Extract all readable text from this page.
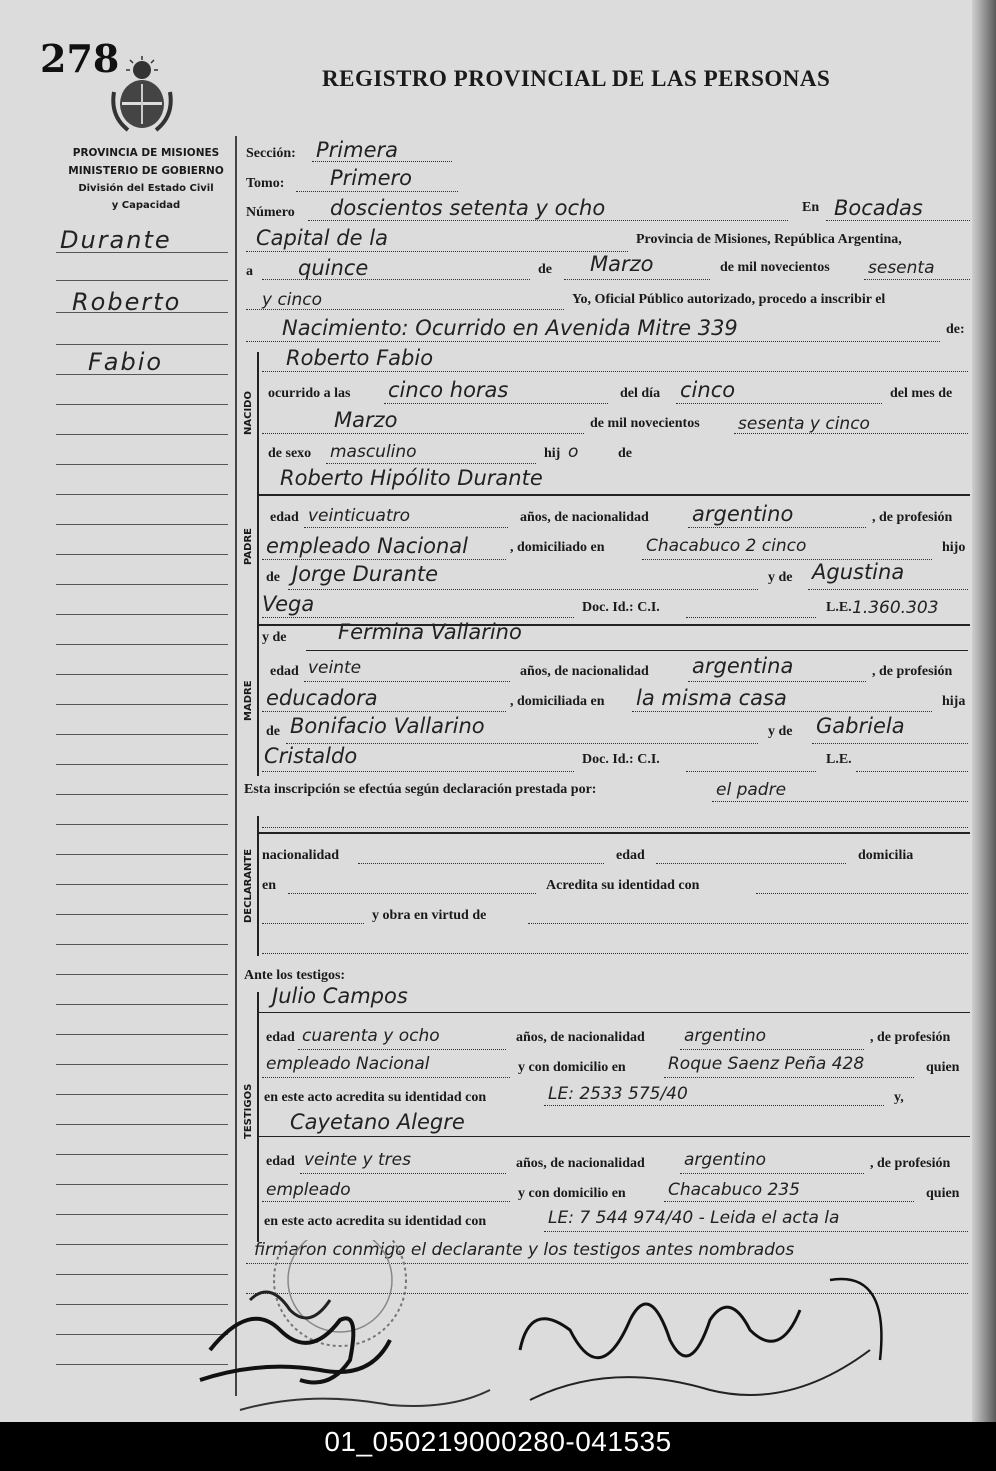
278	REGISTRO PROVINCIAL DE LAS PERSONAS
PROVINCIA DE MISIONES
MINISTERIO DE GOBIERNO
División del Estado Civil
y Capacidad
Durante
Roberto
Fabio
Sección: Primera
Tomo: Primero
Número doscientos setenta y ocho	En Bocadas
Capital de la	Provincia de Misiones, República Argentina,
a quince	de Marzo	de mil novecientos sesenta
y cinco	Yo, Oficial Público autorizado, procedo a inscribir el
Nacimiento: Ocurrido en Avenida Mitre 339	de:
NACIDO
Roberto Fabio
ocurrido a las cinco horas	del día cinco	del mes de
Marzo	de mil novecientos sesenta y cinco
de sexo masculino	hij o	de
PADRE
Roberto Hipólito Durante
edad veinticuatro	años, de nacionalidad argentino	, de profesión
empleado Nacional	, domiciliado en Chacabuco 2 cinco	hijo
de Jorge Durante	y de Agustina
Vega	Doc. Id.: C.I.	L.E. 1.360.303
MADRE
y de Fermina Vallarino
edad veinte	años, de nacionalidad argentina	, de profesión
educadora	, domiciliada en la misma casa	hija
de Bonifacio Vallarino	y de Gabriela
Cristaldo	Doc. Id.: C.I.	L.E.
Esta inscripción se efectúa según declaración prestada por:	el padre
DECLARANTE nacionalidad	edad	domicilia
en	Acredita su identidad con
y obra en virtud de
Ante los testigos:
TESTIGOS
Julio Campos
edad cuarenta y ocho	años, de nacionalidad argentino	, de profesión
empleado Nacional	y con domicilio en Roque Saenz Peña 428	quien
en este acto acredita su identidad con	LE: 2533 575/40	y,
Cayetano Alegre
edad veinte y tres	años, de nacionalidad argentino	, de profesión
empleado	y con domicilio en Chacabuco 235	quien
en este acto acredita su identidad con	LE: 7 544 974/40 - Leida el acta la
firmaron conmigo el declarante y los testigos antes nombrados
01_050219000280-041535
